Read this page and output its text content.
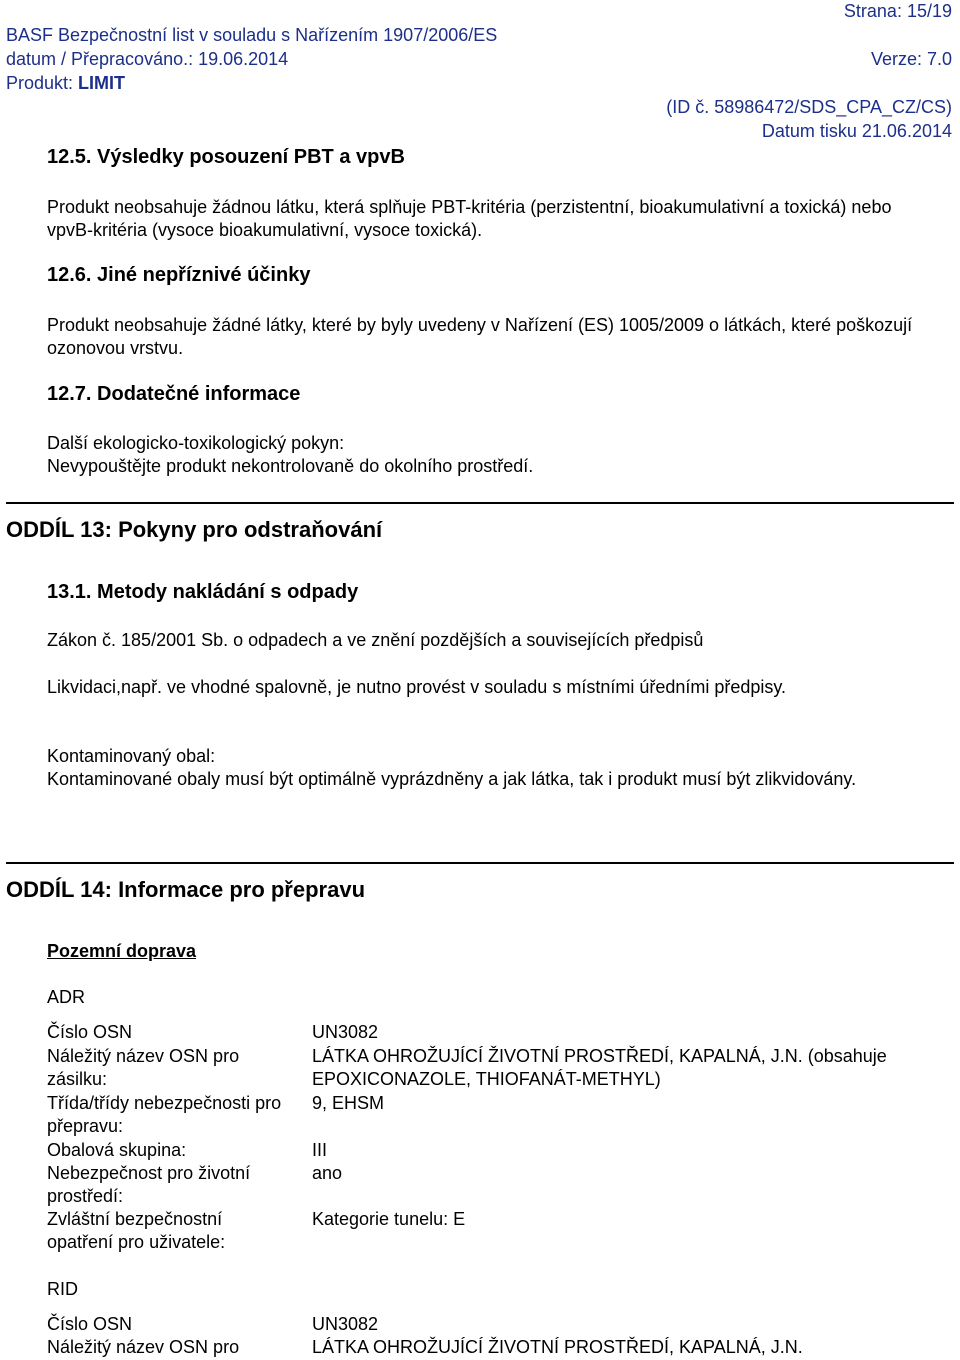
Strana: 15/19
BASF Bezpečnostní list v souladu s Nařízením 1907/2006/ES
datum / Přepracováno.: 19.06.2014	Verze: 7.0
Produkt: LIMIT
(ID č. 58986472/SDS_CPA_CZ/CS)
Datum tisku 21.06.2014
12.5. Výsledky posouzení PBT a vpvB
Produkt neobsahuje žádnou látku, která splňuje PBT-kritéria (perzistentní, bioakumulativní a toxická) nebo vpvB-kritéria (vysoce bioakumulativní, vysoce toxická).
12.6. Jiné nepříznivé účinky
Produkt neobsahuje žádné látky, které by byly uvedeny v Nařízení (ES) 1005/2009 o látkách, které poškozují ozonovou vrstvu.
12.7. Dodatečné informace
Další ekologicko-toxikologický pokyn:
Nevypouštějte produkt nekontrolovaně do okolního prostředí.
ODDÍL 13: Pokyny pro odstraňování
13.1. Metody nakládání s odpady
Zákon č. 185/2001 Sb. o odpadech a ve znění pozdějších a souvisejících předpisů
Likvidaci,např. ve vhodné spalovně, je nutno provést v souladu s místními úředními předpisy.
Kontaminovaný obal:
Kontaminované obaly musí být optimálně vyprázdněny a jak látka, tak i produkt musí být zlikvidovány.
ODDÍL 14: Informace pro přepravu
Pozemní doprava
ADR
Číslo OSN	UN3082
Náležitý název OSN pro zásilku:
LÁTKA OHROŽUJÍCÍ ŽIVOTNÍ PROSTŘEDÍ, KAPALNÁ, J.N. (obsahuje EPOXICONAZOLE, THIOFANÁT-METHYL)
Třída/třídy nebezpečnosti pro přepravu:
9, EHSM
Obalová skupina:	III
Nebezpečnost pro životní prostředí:
ano
Zvláštní bezpečnostní opatření pro uživatele:
Kategorie tunelu: E
RID
Číslo OSN	UN3082
Náležitý název OSN pro	LÁTKA OHROŽUJÍCÍ ŽIVOTNÍ PROSTŘEDÍ, KAPALNÁ, J.N.
